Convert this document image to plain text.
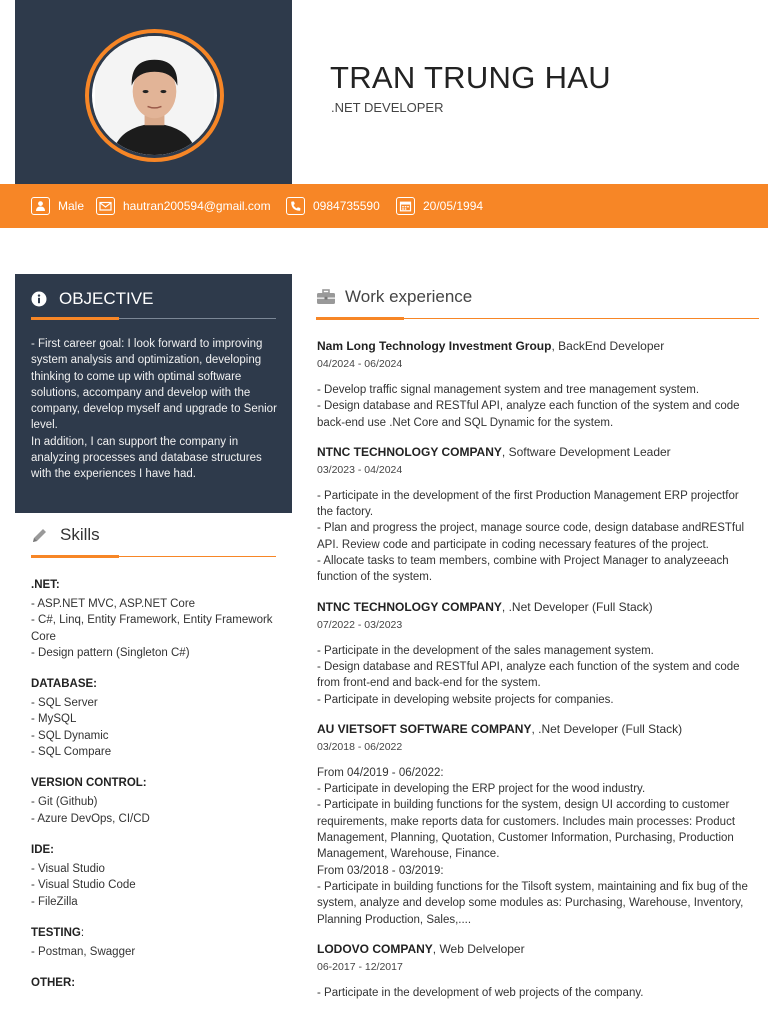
TRAN TRUNG HAU
.NET DEVELOPER
Male	hautran200594@gmail.com	0984735590	20/05/1994
OBJECTIVE
- First career goal: I look forward to improving system analysis and optimization, developing thinking to come up with optimal software solutions, accompany and develop with the company, develop myself and upgrade to Senior level.
In addition, I can support the company in analyzing processes and database structures with the experiences I have had.
Skills
.NET:
- ASP.NET MVC, ASP.NET Core
- C#, Linq, Entity Framework, Entity Framework Core
- Design pattern (Singleton C#)
DATABASE:
- SQL Server
- MySQL
- SQL Dynamic
- SQL Compare
VERSION CONTROL:
- Git (Github)
- Azure DevOps, CI/CD
IDE:
- Visual Studio
- Visual Studio Code
- FileZilla
TESTING:
- Postman, Swagger
OTHER:
Work experience
Nam Long Technology Investment Group, BackEnd Developer
04/2024 - 06/2024
- Develop traffic signal management system and tree management system.
- Design database and RESTful API, analyze each function of the system and code back-end use .Net Core and SQL Dynamic for the system.
NTNC TECHNOLOGY COMPANY, Software Development Leader
03/2023 - 04/2024
- Participate in the development of the first Production Management ERP projectfor the factory.
- Plan and progress the project, manage source code, design database andRESTful API. Review code and participate in coding necessary features of the project.
- Allocate tasks to team members, combine with Project Manager to analyzeeach function of the system.
NTNC TECHNOLOGY COMPANY, .Net Developer (Full Stack)
07/2022 - 03/2023
- Participate in the development of the sales management system.
- Design database and RESTful API, analyze each function of the system and code from front-end and back-end for the system.
- Participate in developing website projects for companies.
AU VIETSOFT SOFTWARE COMPANY, .Net Developer (Full Stack)
03/2018 - 06/2022
From 04/2019 - 06/2022:
- Participate in developing the ERP project for the wood industry.
- Participate in building functions for the system, design UI according to customer requirements, make reports data for customers. Includes main processes: Product Management, Planning, Quotation, Customer Information, Purchasing, Production Management, Warehouse, Finance.
From 03/2018 - 03/2019:
- Participate in building functions for the Tilsoft system, maintaining and fix bug of the system, analyze and develop some modules as: Purchasing, Warehouse, Inventory, Planning Production, Sales,....
LODOVO COMPANY, Web Delveloper
06-2017 - 12/2017
- Participate in the development of web projects of the company.
